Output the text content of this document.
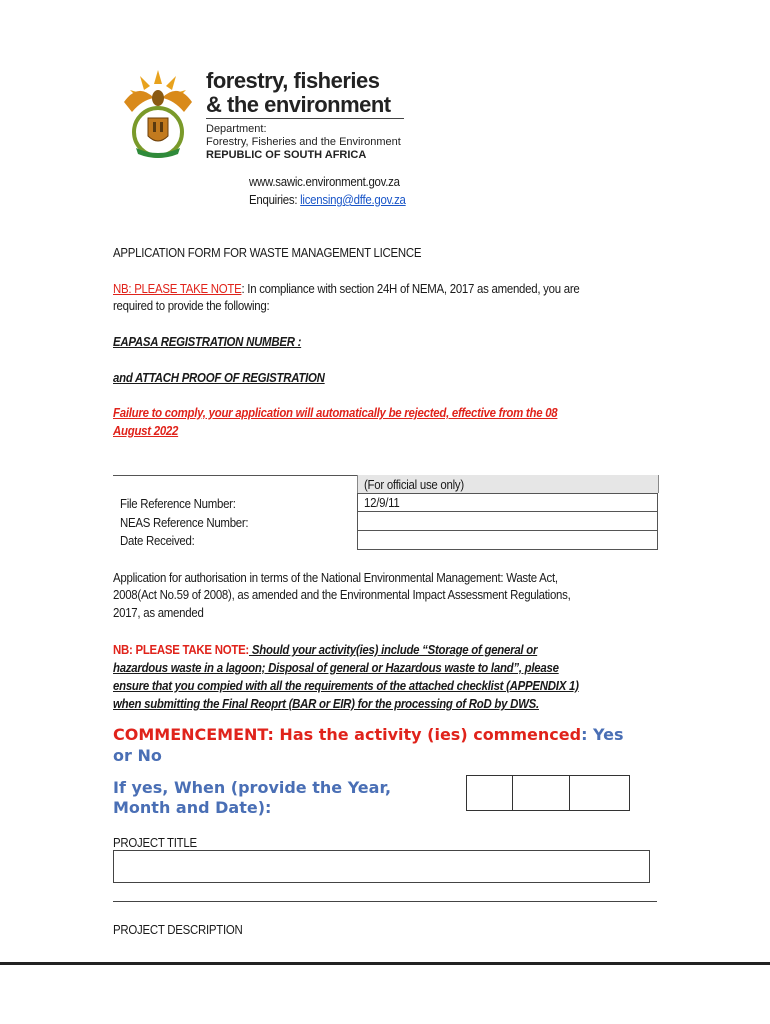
forestry, fisheries
& the environment
Department:
Forestry, Fisheries and the Environment
REPUBLIC OF SOUTH AFRICA
www.sawic.environment.gov.za
Enquiries: licensing@dffe.gov.za
APPLICATION FORM FOR WASTE MANAGEMENT LICENCE
NB: PLEASE TAKE NOTE: In compliance with section 24H of NEMA, 2017 as amended, you are
required to provide the following:
EAPASA REGISTRATION NUMBER :
and ATTACH PROOF OF REGISTRATION
Failure to comply, your application will automatically be rejected, effective from the 08
August 2022
(For official use only)
12/9/11
File Reference Number:
NEAS Reference Number:
Date Received:
Application for authorisation in terms of the National Environmental Management: Waste Act,
2008(Act No.59 of 2008), as amended and the Environmental Impact Assessment Regulations,
2017, as amended
NB: PLEASE TAKE NOTE: Should your activity(ies) include “Storage of general or
hazardous waste in a lagoon; Disposal of general or Hazardous waste to land”, please
ensure that you compied with all the requirements of the attached checklist (APPENDIX 1)
when submitting the Final Reoprt (BAR or EIR) for the processing of RoD by DWS.
COMMENCEMENT: Has the activity (ies) commenced: Yes
or No
If yes, When (provide the Year,
Month and Date):
PROJECT TITLE
PROJECT DESCRIPTION
